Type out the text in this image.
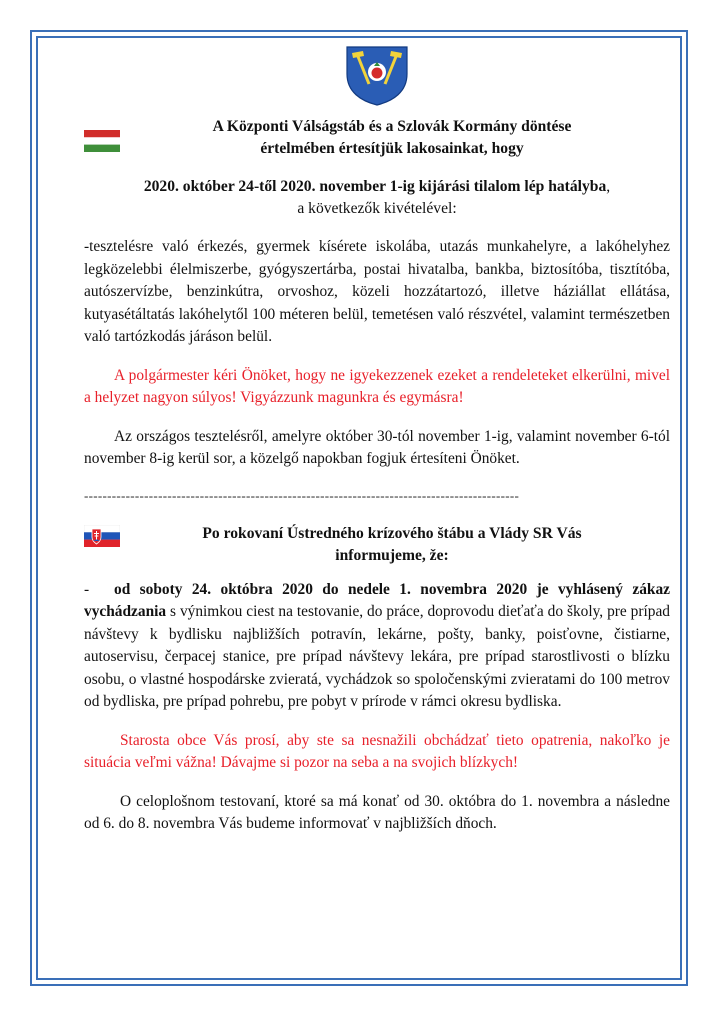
A Központi Válságstáb és a Szlovák Kormány döntése
értelmében értesítjük lakosainkat, hogy
2020. október 24-től 2020. november 1-ig kijárási tilalom lép hatályba,
a következők kivételével:

-tesztelésre való érkezés, gyermek kísérete iskolába, utazás munkahelyre, a lakóhelyhez legközelebbi élelmiszerbe, gyógyszertárba, postai hivatalba, bankba, biztosítóba, tisztítóba, autószervízbe, benzinkútra, orvoshoz, közeli hozzátartozó, illetve háziállat ellátása, kutyasétáltatás lakóhelytől 100 méteren belül, temetésen való részvétel, valamint természetben való tartózkodás járáson belül.

A polgármester kéri Önöket, hogy ne igyekezzenek ezeket a rendeleteket elkerülni, mivel a helyzet nagyon súlyos! Vigyázzunk magunkra és egymásra!

Az országos tesztelésről, amelyre október 30-tól november 1-ig, valamint november 6-tól november 8-ig kerül sor, a közelgő napokban fogjuk értesíteni Önöket.

----------------------------------------------------------------------------------------------
Po rokovaní Ústredného krízového štábu a Vlády SR Vás
informujeme, že:

- od soboty 24. októbra 2020 do nedele 1. novembra 2020 je vyhlásený zákaz vychádzania s výnimkou ciest na testovanie, do práce, doprovodu dieťaťa do školy, pre prípad návštevy k bydlisku najbližších potravín, lekárne, pošty, banky, poisťovne, čistiarne, autoservisu, čerpacej stanice, pre prípad návštevy lekára, pre prípad starostlivosti o blízku osobu, o vlastné hospodárske zvieratá, vychádzok so spoločenskými zvieratami do 100 metrov od bydliska, pre prípad pohrebu, pre pobyt v prírode v rámci okresu bydliska.

Starosta obce Vás prosí, aby ste sa nesnažili obchádzať tieto opatrenia, nakoľko je situácia veľmi vážna! Dávajme si pozor na seba a na svojich blízkych!

O celoplošnom testovaní, ktoré sa má konať od 30. októbra do 1. novembra a následne od 6. do 8. novembra Vás budeme informovať v najbližších dňoch.
